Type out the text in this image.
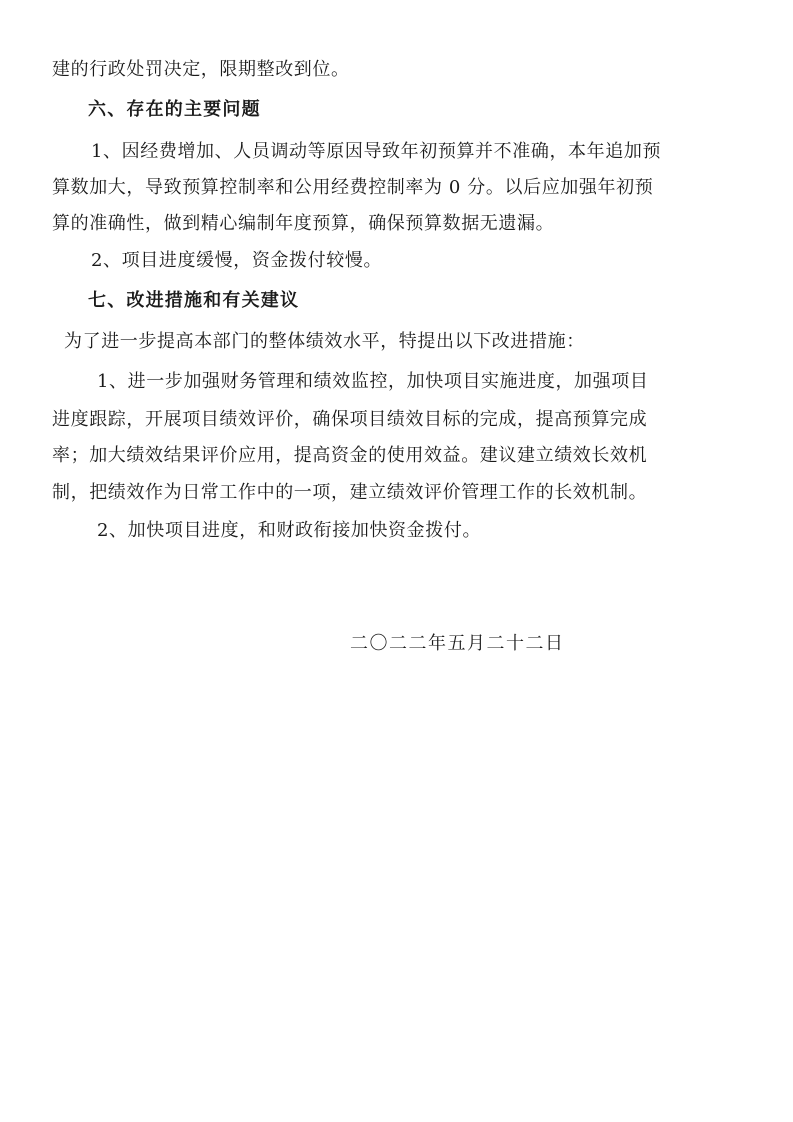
建的行政处罚决定，限期整改到位。
六、存在的主要问题
1、因经费增加、人员调动等原因导致年初预算并不准确，本年追加预
算数加大，导致预算控制率和公用经费控制率为 0 分。以后应加强年初预
算的准确性，做到精心编制年度预算，确保预算数据无遗漏。
2、项目进度缓慢，资金拨付较慢。
七、改进措施和有关建议
为了进一步提高本部门的整体绩效水平，特提出以下改进措施：
1、进一步加强财务管理和绩效监控，加快项目实施进度，加强项目
进度跟踪，开展项目绩效评价，确保项目绩效目标的完成，提高预算完成
率；加大绩效结果评价应用，提高资金的使用效益。建议建立绩效长效机
制，把绩效作为日常工作中的一项，建立绩效评价管理工作的长效机制。
2、加快项目进度，和财政衔接加快资金拨付。
二〇二二年五月二十二日
